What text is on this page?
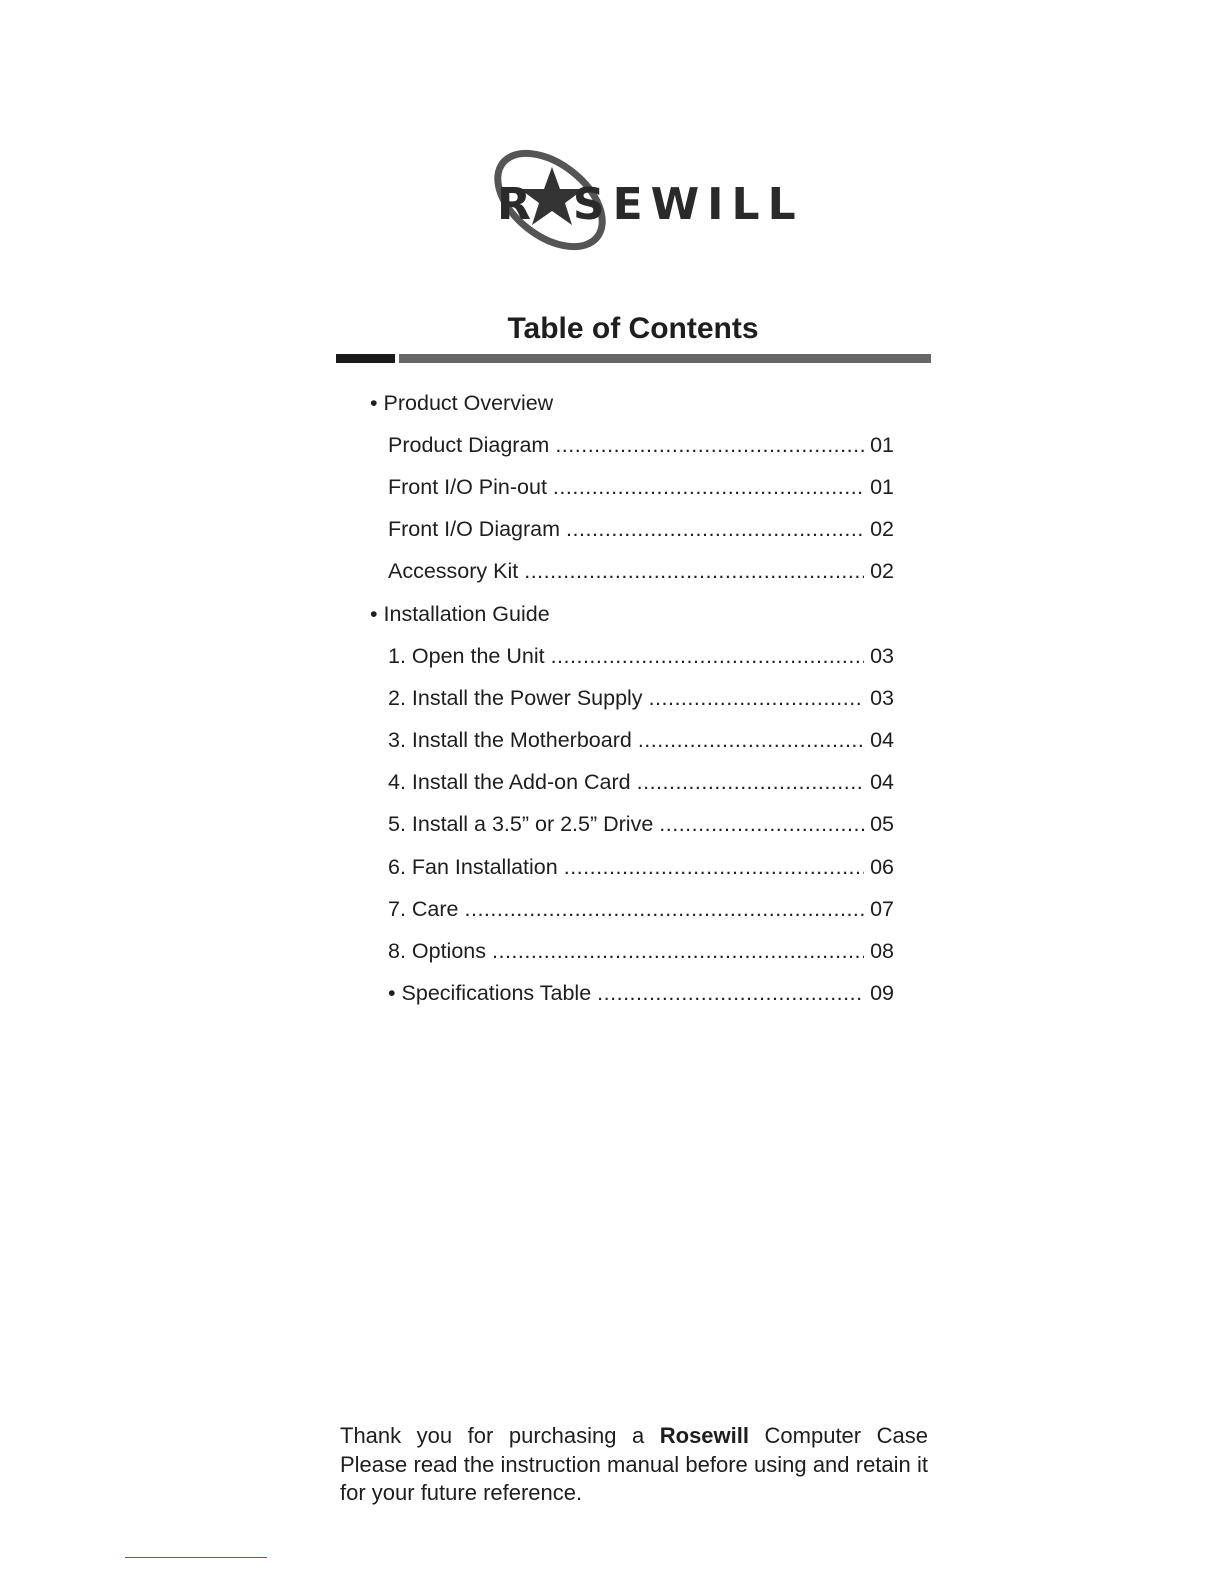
R SEWILL
Table of Contents
• Product Overview
Product Diagram .....	01
Front I/O Pin-out .....	01
Front I/O Diagram .....	02
Accessory Kit .....	02
• Installation Guide
1. Open the Unit .....	03
2. Install the Power Supply .....	03
3. Install the Motherboard .....	04
4. Install the Add-on Card .....	04
5. Install a 3.5” or 2.5” Drive .....	05
6. Fan Installation .....	06
7. Care .....	07
8. Options .....	08
• Specifications Table .....	09

Thank you for purchasing a Rosewill Computer Case Please read the instruction manual before using and retain it for your future reference.
